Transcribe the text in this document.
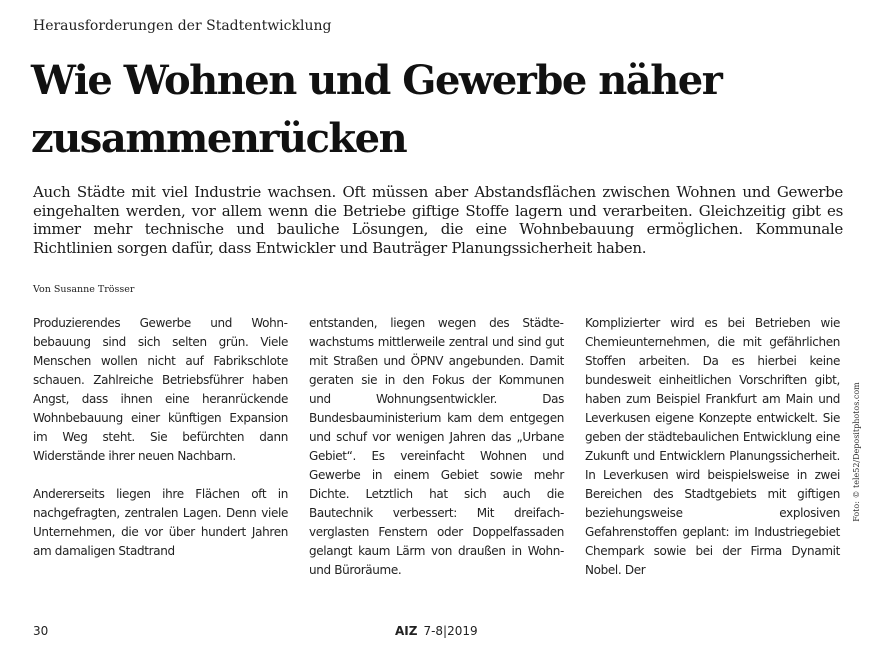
Herausforderungen der Stadtentwicklung
Wie Wohnen und Gewerbe näher zusammenrücken

Auch Städte mit viel Industrie wachsen. Oft müssen aber Abstandsflächen zwischen Wohnen und Gewerbe eingehalten werden, vor allem wenn die Betriebe giftige Stoffe lagern und verarbeiten. Gleichzeitig gibt es immer mehr technische und bauliche Lösungen, die eine Wohnbebauung ermöglichen. Kommunale Richtlinien sorgen dafür, dass Entwickler und Bauträger Planungssicherheit haben.

Von Susanne Trösser

Produzierendes Gewerbe und Wohnbebauung sind sich selten grün. Viele Menschen wollen nicht auf Fabrikschlote schauen. Zahlreiche Betriebsführer haben Angst, dass ihnen eine heranrückende Wohnbebauung einer künftigen Expansion im Weg steht. Sie befürchten dann Widerstände ihrer neuen Nachbarn.

Andererseits liegen ihre Flächen oft in nachgefragten, zentralen Lagen. Denn viele Unternehmen, die vor über hundert Jahren am damaligen Stadtrand

entstanden, liegen wegen des Städtewachstums mittlerweile zentral und sind gut mit Straßen und ÖPNV angebunden. Damit geraten sie in den Fokus der Kommunen und Wohnungsentwickler. Das Bundesbauministerium kam dem entgegen und schuf vor wenigen Jahren das „Urbane Gebiet“. Es vereinfacht Wohnen und Gewerbe in einem Gebiet sowie mehr Dichte. Letztlich hat sich auch die Bautechnik verbessert: Mit dreifach-verglasten Fenstern oder Doppelfassaden gelangt kaum Lärm von draußen in Wohn- und Büroräume.

Komplizierter wird es bei Betrieben wie Chemieunternehmen, die mit gefährlichen Stoffen arbeiten. Da es hierbei keine bundesweit einheitlichen Vorschriften gibt, haben zum Beispiel Frankfurt am Main und Leverkusen eigene Konzepte entwickelt. Sie geben der städtebaulichen Entwicklung eine Zukunft und Entwicklern Planungssicherheit. In Leverkusen wird beispielsweise in zwei Bereichen des Stadtgebiets mit giftigen beziehungsweise explosiven Gefahrenstoffen geplant: im Industriegebiet Chempark sowie bei der Firma Dynamit Nobel. Der

Foto: © tele52/Depositphotos.com
30	AIZ 7-8|2019
